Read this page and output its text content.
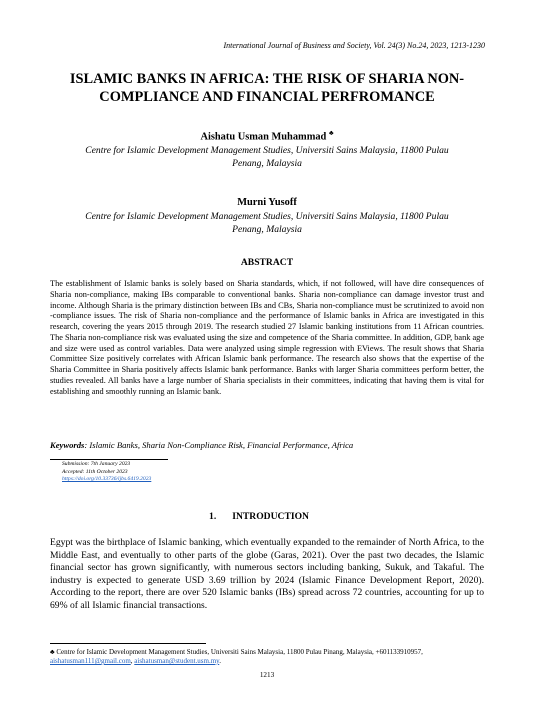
International Journal of Business and Society, Vol. 24(3) No.24, 2023, 1213-1230
ISLAMIC BANKS IN AFRICA: THE RISK OF SHARIA NON-
COMPLIANCE AND FINANCIAL PERFROMANCE
Aishatu Usman Muhammad ♣
Centre for Islamic Development Management Studies, Universiti Sains Malaysia, 11800 Pulau
Penang, Malaysia
Murni Yusoff
Centre for Islamic Development Management Studies, Universiti Sains Malaysia, 11800 Pulau
Penang, Malaysia
ABSTRACT
The establishment of Islamic banks is solely based on Sharia standards, which, if not followed, will have dire consequences of Sharia non-compliance, making IBs comparable to conventional banks. Sharia non-compliance can damage investor trust and income. Although Sharia is the primary distinction between IBs and CBs, Sharia non-compliance must be scrutinized to avoid non -compliance issues. The risk of Sharia non-compliance and the performance of Islamic banks in Africa are investigated in this research, covering the years 2015 through 2019. The research studied 27 Islamic banking institutions from 11 African countries. The Sharia non-compliance risk was evaluated using the size and competence of the Sharia committee. In addition, GDP, bank age and size were used as control variables. Data were analyzed using simple regression with EViews. The result shows that Sharia Committee Size positively correlates with African Islamic bank performance. The research also shows that the expertise of the Sharia Committee in Sharia positively affects Islamic bank performance. Banks with larger Sharia committees perform better, the studies revealed. All banks have a large number of Sharia specialists in their committees, indicating that having them is vital for establishing and smoothly running an Islamic bank.
Keywords: Islamic Banks, Sharia Non-Compliance Risk, Financial Performance, Africa
Submission: 7th January 2023
Accepted: 11th October 2023
https://doi.org/10.33736/ijbs.6419.2023
1. INTRODUCTION
Egypt was the birthplace of Islamic banking, which eventually expanded to the remainder of North Africa, to the Middle East, and eventually to other parts of the globe (Garas, 2021). Over the past two decades, the Islamic financial sector has grown significantly, with numerous sectors including banking, Sukuk, and Takaful. The industry is expected to generate USD 3.69 trillion by 2024 (Islamic Finance Development Report, 2020). According to the report, there are over 520 Islamic banks (IBs) spread across 72 countries, accounting for up to 69% of all Islamic financial transactions.
♣ Centre for Islamic Development Management Studies, Universiti Sains Malaysia, 11800 Pulau Pinang, Malaysia, +601133910957, aishatusman111@gmail.com, aishatusman@student.usm.my.
1213
